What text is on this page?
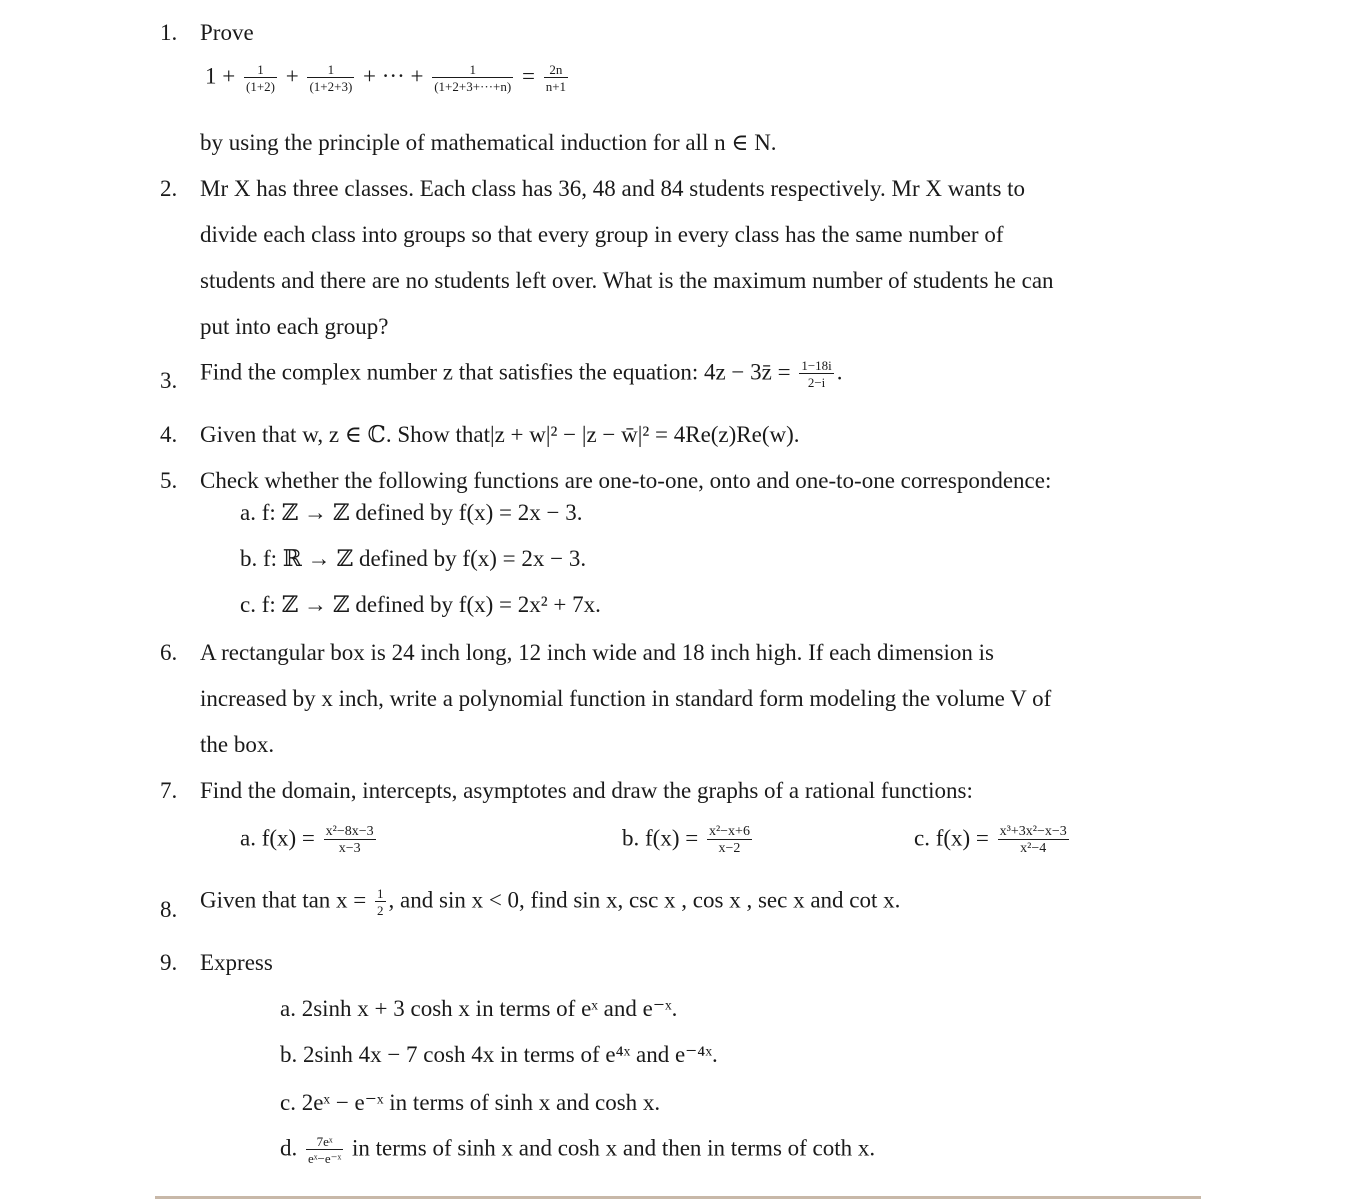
1. Prove
$1 + \frac{1}{(1+2)} + \frac{1}{(1+2+3)}$ + ··· + $\frac{1}{(1+2+3+\cdot\cdot\cdot+n)} = \frac{2n}{n+1}$
by using the principle of mathematical induction for all n ∈ N.
2. Mr X has three classes. Each class has 36, 48 and 84 students respectively. Mr X wants to
divide each class into groups so that every group in every class has the same number of
students and there are no students left over. What is the maximum number of students he can
put into each group?
3. Find the complex number z that satisfies the equation: 4z − 3z̄ = $\frac{1-18i}{2-i}$ .
4. Given that w, z ∈ ℂ. Show that|z + w|² − |z − w̄|² = 4Re(z)Re(w).
5. Check whether the following functions are one-to-one, onto and one-to-one correspondence:
a. f: ℤ → ℤ defined by f(x) = 2x − 3.
b. f: ℝ → ℤ defined by f(x) = 2x − 3.
c. f: ℤ → ℤ defined by f(x) = 2x² + 7x.
6. A rectangular box is 24 inch long, 12 inch wide and 18 inch high. If each dimension is
increased by x inch, write a polynomial function in standard form modeling the volume V of
the box.
7. Find the domain, intercepts, asymptotes and draw the graphs of a rational functions:
a. $f(x) = \frac{\text{x²−8x−3}}{x-3}$	b. $f(x) = \frac{\text{x²−x+6}}{x-2}$	c. $f(x) = \frac{\text{x³+3x²−x−3}}{\text{x²−4}}$
8. Given that $\tan x = \frac{1}{2}$ , and sin x < 0, find sin x, csc x , cos x , sec x and cot x.
9. Express
a. 2sinh x + 3 cosh x in terms of eˣ and e⁻ˣ.
b. 2sinh 4x − 7 cosh 4x in terms of e⁴ˣ and e⁻⁴ˣ.
c. 2eˣ − e⁻ˣ in terms of sinh x and cosh x.
d. $\frac{\text{7eˣ}}{\text{eˣ−e⁻ˣ}}$ in terms of sinh x and cosh x and then in terms of coth x.
